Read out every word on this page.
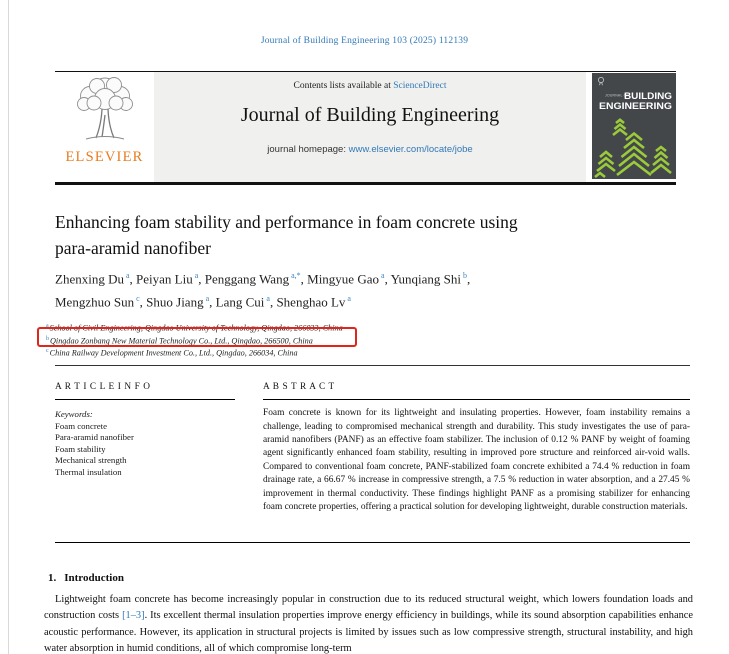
Journal of Building Engineering 103 (2025) 112139
ELSEVIER
Contents lists available at ScienceDirect
Journal of Building Engineering
journal homepage: www.elsevier.com/locate/jobe
JOURNAL OF
BUILDING
ENGINEERING
Enhancing foam stability and performance in foam concrete using
para-aramid nanofiber
Zhenxing Du $^a$, Peiyan Liu $^a$, Penggang Wang $^{a,*}$, Mingyue Gao $^a$, Yunqiang Shi $^b$,
Mengzhuo Sun $^c$, Shuo Jiang $^a$, Lang Cui $^a$, Shenghao Lv $^a$
$^a$School of Civil Engineering, Qingdao University of Technology, Qingdao, 266033, China
$^b$Qingdao Zonbang New Material Technology Co., Ltd., Qingdao, 266500, China
$^c$China Railway Development Investment Co., Ltd., Qingdao, 266034, China
A R T I C L E I N F O
Keywords:
Foam concrete
Para-aramid nanofiber
Foam stability
Mechanical strength
Thermal insulation
A B S T R A C T
Foam concrete is known for its lightweight and insulating properties. However, foam instability remains a challenge, leading to compromised mechanical strength and durability. This study investigates the use of para-aramid nanofibers (PANF) as an effective foam stabilizer. The inclusion of 0.12 % PANF by weight of foaming agent significantly enhanced foam stability, resulting in improved pore structure and reinforced air-void walls. Compared to conventional foam concrete, PANF-stabilized foam concrete exhibited a 74.4 % reduction in foam drainage rate, a 66.67 % increase in compressive strength, a 7.5 % reduction in water absorption, and a 27.45 % improvement in thermal conductivity. These findings highlight PANF as a promising stabilizer for enhancing foam concrete properties, offering a practical solution for developing lightweight, durable construction materials.
1. Introduction
Lightweight foam concrete has become increasingly popular in construction due to its reduced structural weight, which lowers foundation loads and construction costs [1–3]. Its excellent thermal insulation properties improve energy efficiency in buildings, while its sound absorption capabilities enhance acoustic performance. However, its application in structural projects is limited by issues such as low compressive strength, structural instability, and high water absorption in humid conditions, all of which compromise long-term
